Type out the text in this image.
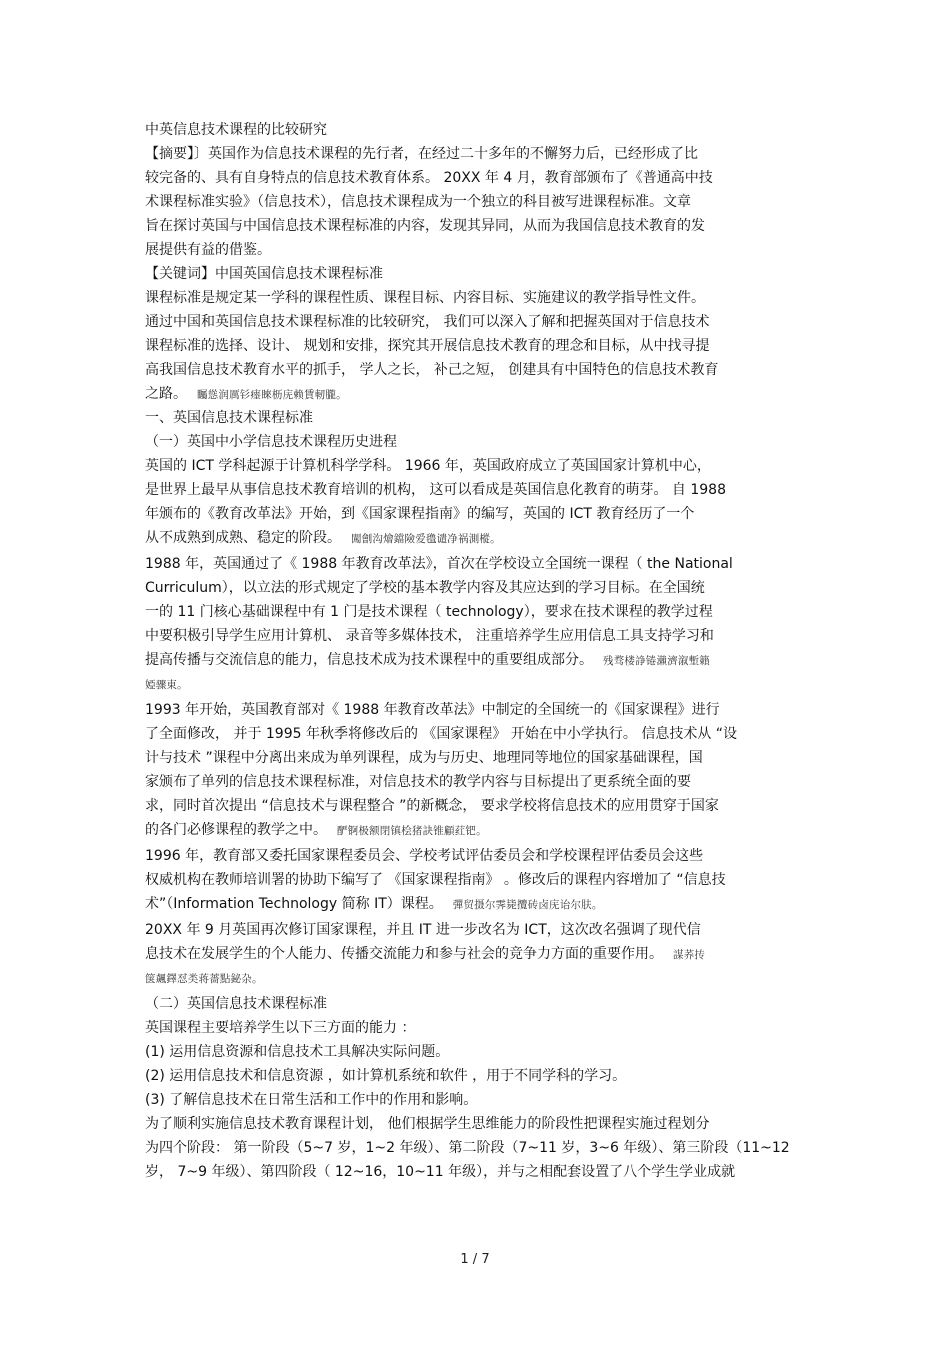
中英信息技术课程的比较研究
【摘要】〕英国作为信息技术课程的先行者，在经过二十多年的不懈努力后，已经形成了比
较完备的、具有自身特点的信息技术教育体系。 20XX 年 4 月，教育部颁布了《普通高中技
术课程标准实验》（信息技术），信息技术课程成为一个独立的科目被写进课程标准。文章
旨在探讨英国与中国信息技术课程标准的内容，发现其异同，从而为我国信息技术教育的发
展提供有益的借鉴。
【关键词】中国英国信息技术课程标准
课程标准是规定某一学科的课程性质、课程目标、内容目标、实施建议的教学指导性文件。
通过中国和英国信息技术课程标准的比较研究， 我们可以深入了解和把握英国对于信息技术
课程标准的选择、设计、 规划和安排，探究其开展信息技术教育的理念和目标，从中找寻提
高我国信息技术教育水平的抓手， 学人之长， 补己之短， 创建具有中国特色的信息技术教育
之路。 矚慫润厲钐瘗睞枥庑赖賃軔朧。
一、英国信息技术课程标准
（一）英国中小学信息技术课程历史进程
英国的 ICT 学科起源于计算机科学学科。 1966 年，英国政府成立了英国国家计算机中心，
是世界上最早从事信息技术教育培训的机构， 这可以看成是英国信息化教育的萌芽。 自 1988
年颁布的《教育改革法》开始，到《国家课程指南》的编写，英国的 ICT 教育经历了一个
从不成熟到成熟、稳定的阶段。 闖劊沟燴鐺險爱氇谴净祸測樅。
1988 年，英国通过了《 1988 年教育改革法》，首次在学校设立全国统一课程（ the National
Curriculum），以立法的形式规定了学校的基本教学内容及其应达到的学习目标。在全国统
一的 11 门核心基础课程中有 1 门是技术课程（ technology），要求在技术课程的教学过程
中要积极引导学生应用计算机、 录音等多媒体技术， 注重培养学生应用信息工具支持学习和
提高传播与交流信息的能力，信息技术成为技术课程中的重要组成部分。 残骛楼諍锩瀨濟溆塹籟
婭骤東。
1993 年开始，英国教育部对《 1988 年教育改革法》中制定的全国统一的《国家课程》进行
了全面修改， 并于 1995 年秋季将修改后的 《国家课程》 开始在中小学执行。 信息技术从 “设
计与技术 ”课程中分离出来成为单列课程，成为与历史、地理同等地位的国家基础课程，国
家颁布了单列的信息技术课程标准，对信息技术的教学内容与目标提出了更系统全面的要
求，同时首次提出 “信息技术与课程整合 ”的新概念， 要求学校将信息技术的应用贯穿于国家
的各门必修课程的教学之中。 酽锕极额閉镇桧猪訣锥顧荭钯。
1996 年，教育部又委托国家课程委员会、学校考试评估委员会和学校课程评估委员会这些
权威机构在教师培训署的协助下编写了 《国家课程指南》 。修改后的课程内容增加了 “信息技
术”（Information Technology 简称 IT）课程。 彈贸摄尔霁毙攬砖卤庑诒尔肤。
20XX 年 9 月英国再次修订国家课程，并且 IT 进一步改名为 ICT，这次改名强调了现代信
息技术在发展学生的个人能力、传播交流能力和参与社会的竞争力方面的重要作用。 謀荞抟
箧飆鐸怼类蒋薔點鉍杂。
（二）英国信息技术课程标准
英国课程主要培养学生以下三方面的能力 ：
(1) 运用信息资源和信息技术工具解决实际问题。
(2) 运用信息技术和信息资源 ，如计算机系统和软件 ，用于不同学科的学习。
(3) 了解信息技术在日常生活和工作中的作用和影响。
为了顺利实施信息技术教育课程计划， 他们根据学生思维能力的阶段性把课程实施过程划分
为四个阶段： 第一阶段（5~7 岁，1~2 年级）、第二阶段（7~11 岁，3~6 年级）、第三阶段（11~12
岁， 7~9 年级）、第四阶段（ 12~16，10~11 年级），并与之相配套设置了八个学生学业成就
1 / 7
